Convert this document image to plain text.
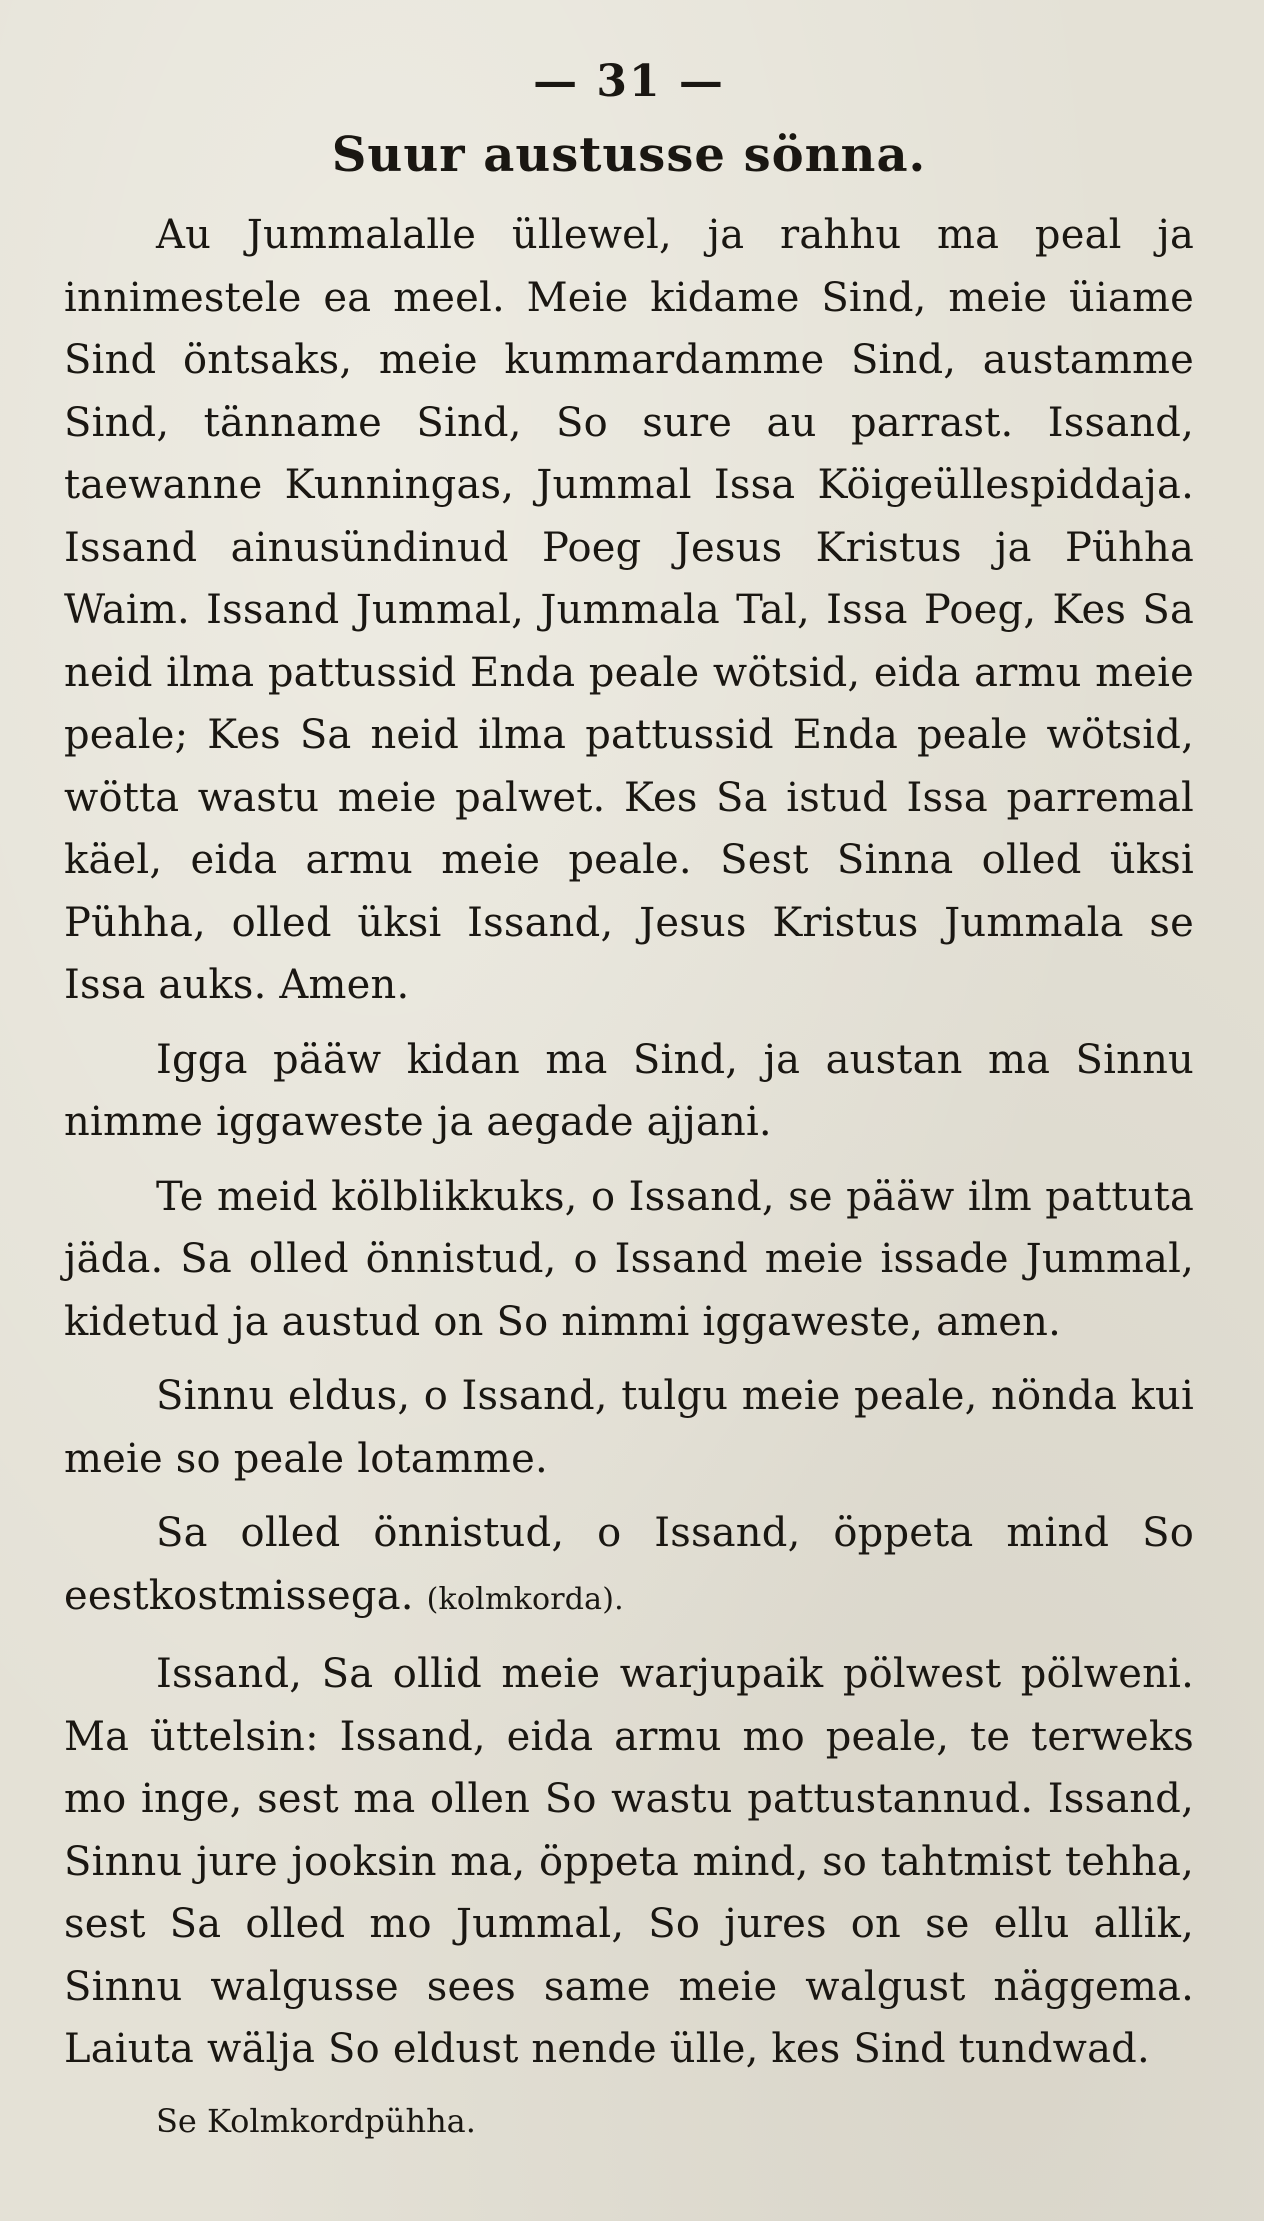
— 31 —

Suur austusse sönna.

Au Jummalalle üllewel, ja rahhu ma peal ja innimestele ea meel. Meie kidame Sind, meie üiame Sind öntsaks, meie kummardamme Sind, austamme Sind, tänname Sind, So sure au parrast. Issand, taewanne Kunningas, Jummal Issa Köigeüllespiddaja. Issand ainusündinud Poeg Jesus Kristus ja Pühha Waim. Issand Jummal, Jummala Tal, Issa Poeg, Kes Sa neid ilma pattussid Enda peale wötsid, eida armu meie peale; Kes Sa neid ilma pattussid Enda peale wötsid, wötta wastu meie palwet. Kes Sa istud Issa parremal käel, eida armu meie peale. Sest Sinna olled üksi Pühha, olled üksi Issand, Jesus Kristus Jummala se Issa auks. Amen.

Igga pääw kidan ma Sind, ja austan ma Sinnu nimme iggaweste ja aegade ajjani.

Te meid kölblikkuks, o Issand, se pääw ilm pattuta jäda. Sa olled önnistud, o Issand meie issade Jummal, kidetud ja austud on So nimmi iggaweste, amen.

Sinnu eldus, o Issand, tulgu meie peale, nönda kui meie so peale lotamme.

Sa olled önnistud, o Issand, öppeta mind So eestkostmissega. (kolmkorda).

Issand, Sa ollid meie warjupaik pölwest pölweni. Ma üttelsin: Issand, eida armu mo peale, te terweks mo inge, sest ma ollen So wastu pattustannud. Issand, Sinnu jure jooksin ma, öppeta mind, so tahtmist tehha, sest Sa olled mo Jummal, So jures on se ellu allik, Sinnu walgusse sees same meie walgust näggema. Laiuta wälja So eldust nende ülle, kes Sind tundwad.

Se Kolmkordpühha.
